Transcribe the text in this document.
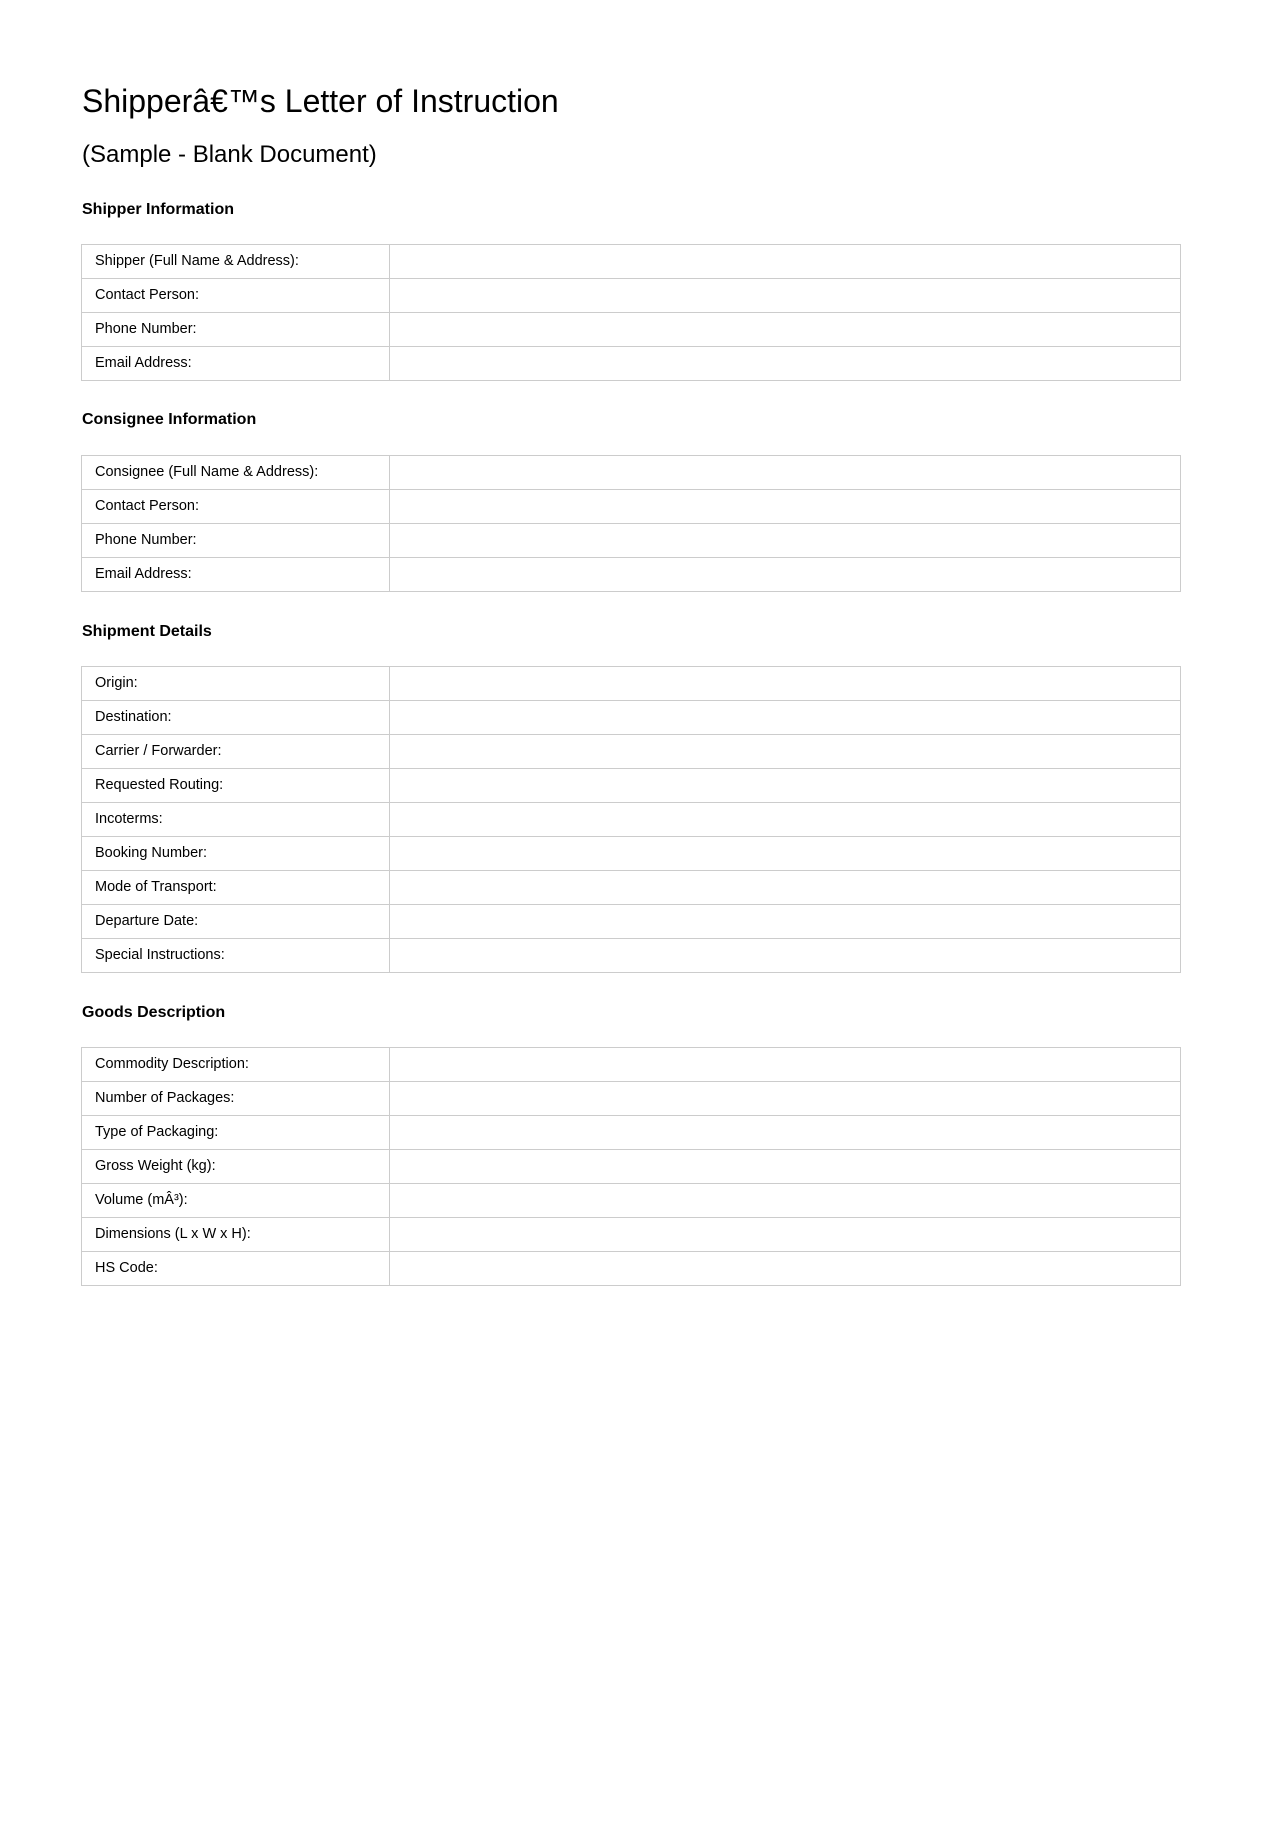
Shipperâ€™s Letter of Instruction
(Sample - Blank Document)
Shipper Information
Shipper (Full Name & Address):	

Contact Person:	

Phone Number:	

Email Address:	
Consignee Information
Consignee (Full Name & Address):	

Contact Person:	

Phone Number:	

Email Address:	
Shipment Details
Origin:	

Destination:	

Carrier / Forwarder:	

Requested Routing:	

Incoterms:	

Booking Number:	

Mode of Transport:	

Departure Date:	

Special Instructions:	
Goods Description
Commodity Description:	

Number of Packages:	

Type of Packaging:	

Gross Weight (kg):	

Volume (mÂ³):	

Dimensions (L x W x H):	

HS Code:	
